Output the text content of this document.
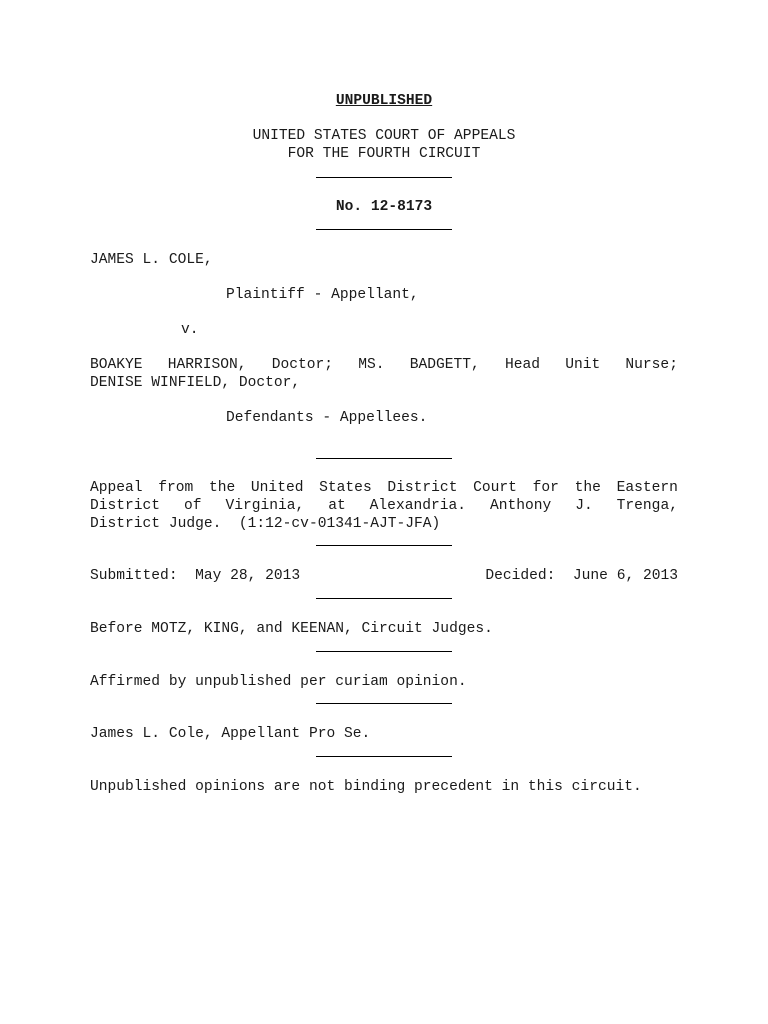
UNPUBLISHED
UNITED STATES COURT OF APPEALS
FOR THE FOURTH CIRCUIT
No. 12-8173
JAMES L. COLE,
Plaintiff - Appellant,
v.
BOAKYE HARRISON, Doctor; MS. BADGETT, Head Unit Nurse;
DENISE WINFIELD, Doctor,
Defendants - Appellees.
Appeal from the United States District Court for the Eastern
District of Virginia, at Alexandria. Anthony J. Trenga,
District Judge.  (1:12-cv-01341-AJT-JFA)
Submitted:  May 28, 2013	Decided:  June 6, 2013
Before MOTZ, KING, and KEENAN, Circuit Judges.
Affirmed by unpublished per curiam opinion.
James L. Cole, Appellant Pro Se.
Unpublished opinions are not binding precedent in this circuit.
